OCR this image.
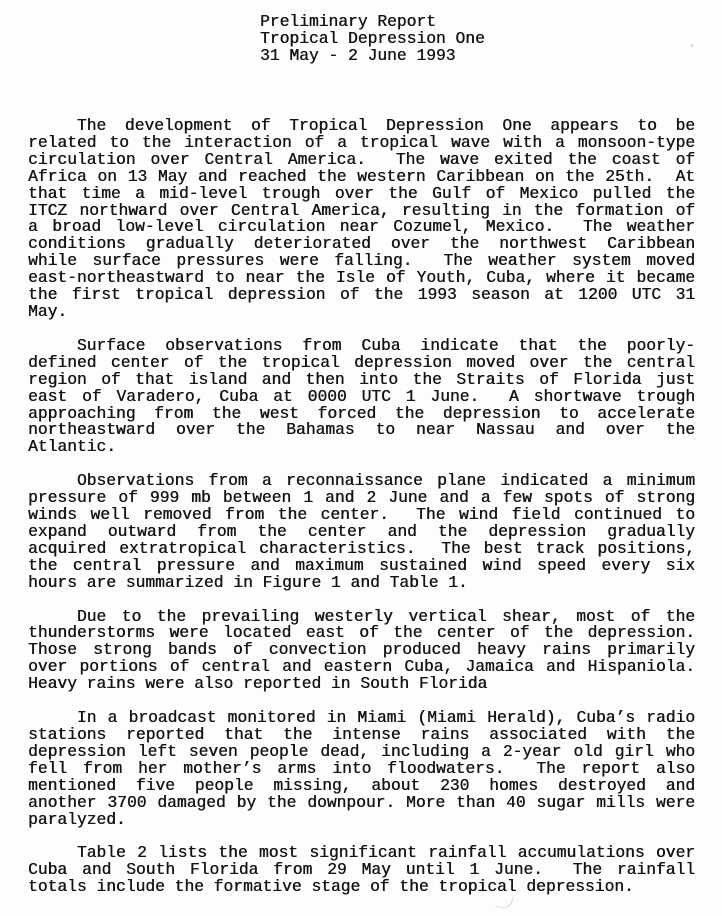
Preliminary Report
Tropical Depression One
31 May - 2 June 1993
The development of Tropical Depression One appears to be
related to the interaction of a tropical wave with a monsoon-type
circulation over Central America.  The wave exited the coast of
Africa on 13 May and reached the western Caribbean on the 25th.  At
that time a mid-level trough over the Gulf of Mexico pulled the
ITCZ northward over Central America, resulting in the formation of
a broad low-level circulation near Cozumel, Mexico.  The weather
conditions gradually deteriorated over the northwest Caribbean
while surface pressures were falling.  The weather system moved
east-northeastward to near the Isle of Youth, Cuba, where it became
the first tropical depression of the 1993 season at 1200 UTC 31
May.
Surface observations from Cuba indicate that the poorly-
defined center of the tropical depression moved over the central
region of that island and then into the Straits of Florida just
east of Varadero, Cuba at 0000 UTC 1 June.  A shortwave trough
approaching from the west forced the depression to accelerate
northeastward over the Bahamas to near Nassau and over the
Atlantic.
Observations from a reconnaissance plane indicated a minimum
pressure of 999 mb between 1 and 2 June and a few spots of strong
winds well removed from the center.  The wind field continued to
expand outward from the center and the depression gradually
acquired extratropical characteristics.  The best track positions,
the central pressure and maximum sustained wind speed every six
hours are summarized in Figure 1 and Table 1.
Due to the prevailing westerly vertical shear, most of the
thunderstorms were located east of the center of the depression.
Those strong bands of convection produced heavy rains primarily
over portions of central and eastern Cuba, Jamaica and Hispaniola.
Heavy rains were also reported in South Florida
In a broadcast monitored in Miami (Miami Herald), Cuba’s radio
stations reported that the intense rains associated with the
depression left seven people dead, including a 2-year old girl who
fell from her mother’s arms into floodwaters.  The report also
mentioned five people missing, about 230 homes destroyed and
another 3700 damaged by the downpour. More than 40 sugar mills were
paralyzed.
Table 2 lists the most significant rainfall accumulations over
Cuba and South Florida from 29 May until 1 June.  The rainfall
totals include the formative stage of the tropical depression.
